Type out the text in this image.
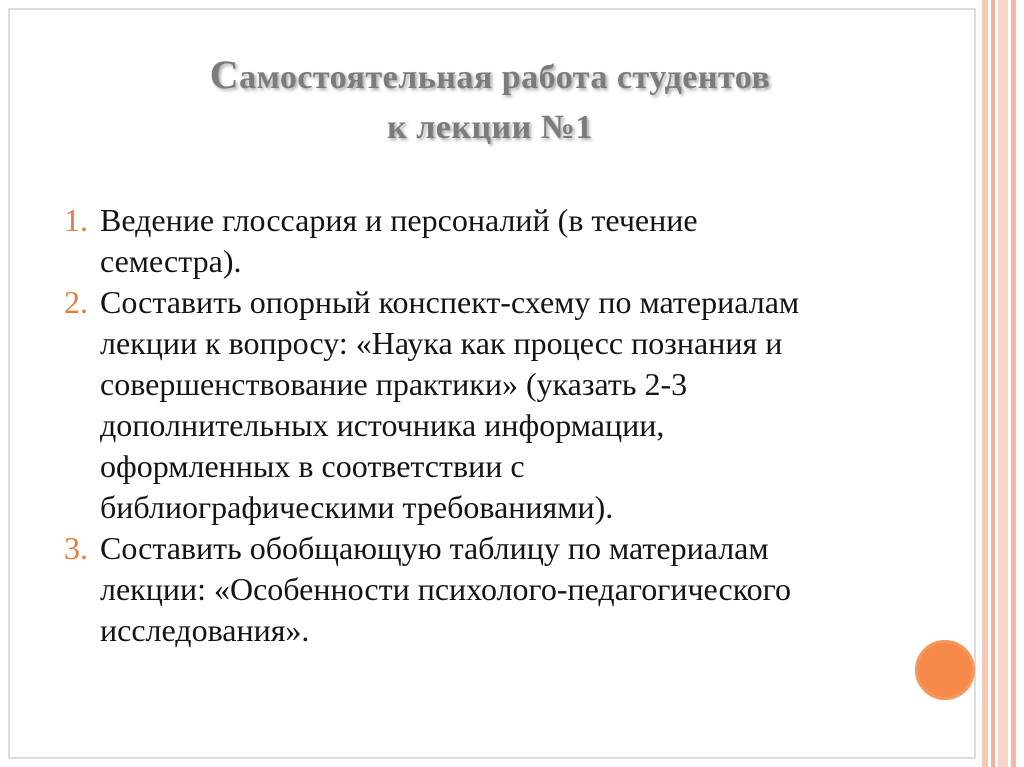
Самостоятельная работа студентов
к лекции №1
1. Ведение глоссария и персоналий (в течение
семестра).
2. Составить опорный конспект-схему по материалам
лекции к вопросу: «Наука как процесс познания и
совершенствование практики» (указать 2-3
дополнительных источника информации,
оформленных в соответствии с
библиографическими требованиями).
3. Составить обобщающую таблицу по материалам
лекции: «Особенности психолого-педагогического
исследования».
